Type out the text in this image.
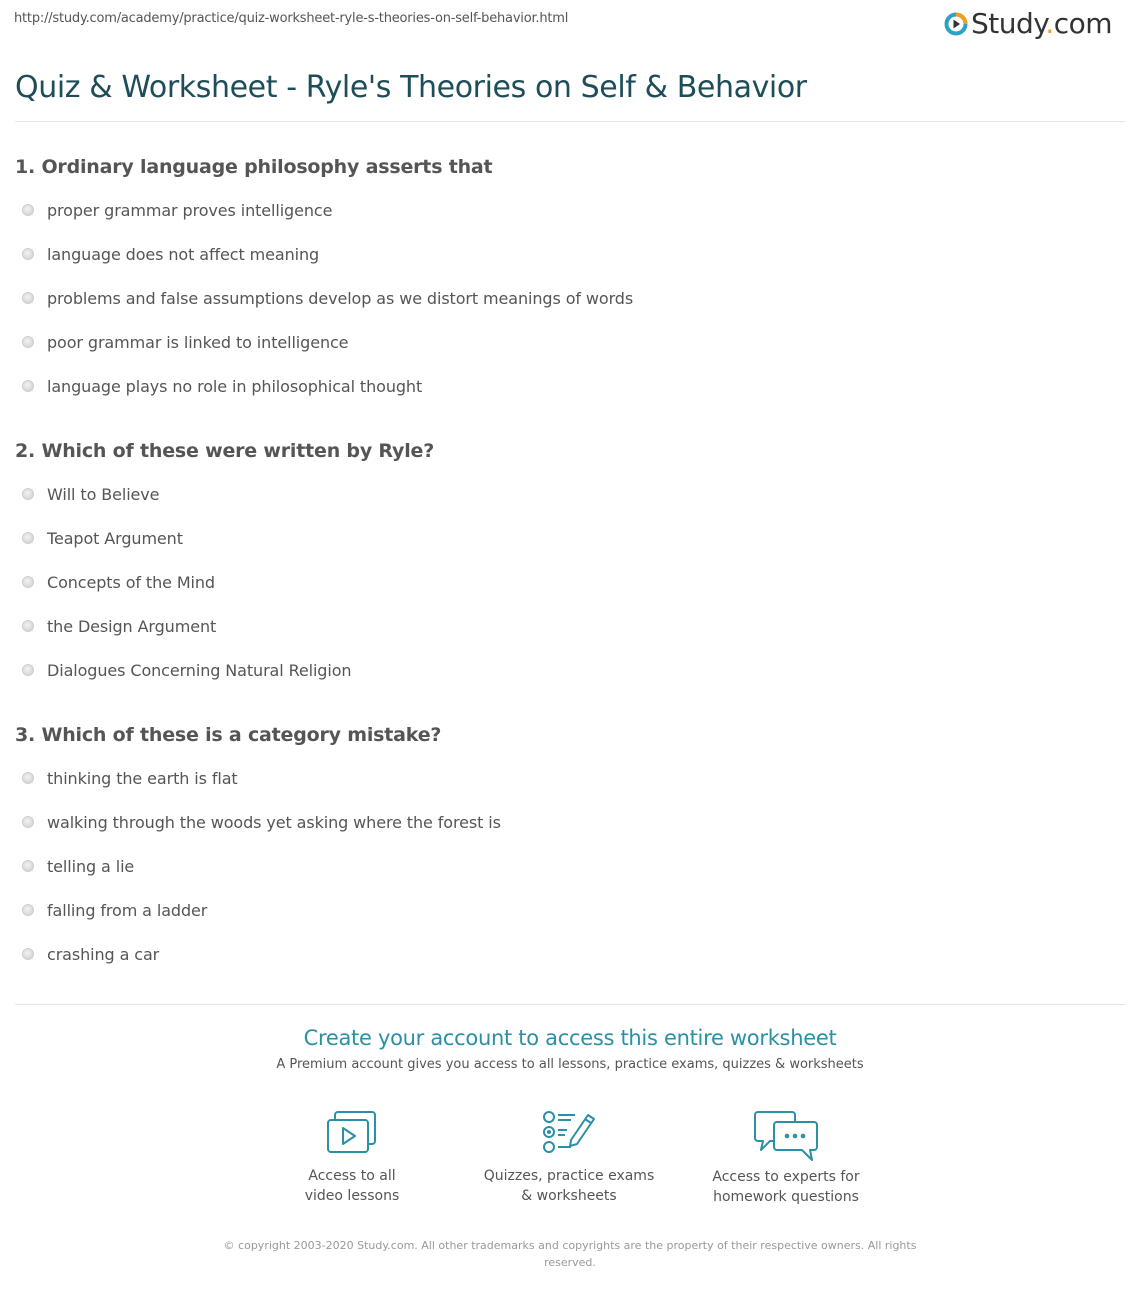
http://study.com/academy/practice/quiz-worksheet-ryle-s-theories-on-self-behavior.html	Study.com
Quiz & Worksheet - Ryle's Theories on Self & Behavior
1. Ordinary language philosophy asserts that
proper grammar proves intelligence
language does not affect meaning
problems and false assumptions develop as we distort meanings of words
poor grammar is linked to intelligence
language plays no role in philosophical thought
2. Which of these were written by Ryle?
Will to Believe
Teapot Argument
Concepts of the Mind
the Design Argument
Dialogues Concerning Natural Religion
3. Which of these is a category mistake?
thinking the earth is flat
walking through the woods yet asking where the forest is
telling a lie
falling from a ladder
crashing a car
Create your account to access this entire worksheet
A Premium account gives you access to all lessons, practice exams, quizzes & worksheets
Access to all
video lessons
Quizzes, practice exams
& worksheets
Access to experts for
homework questions
© copyright 2003-2020 Study.com. All other trademarks and copyrights are the property of their respective owners. All rights reserved.
